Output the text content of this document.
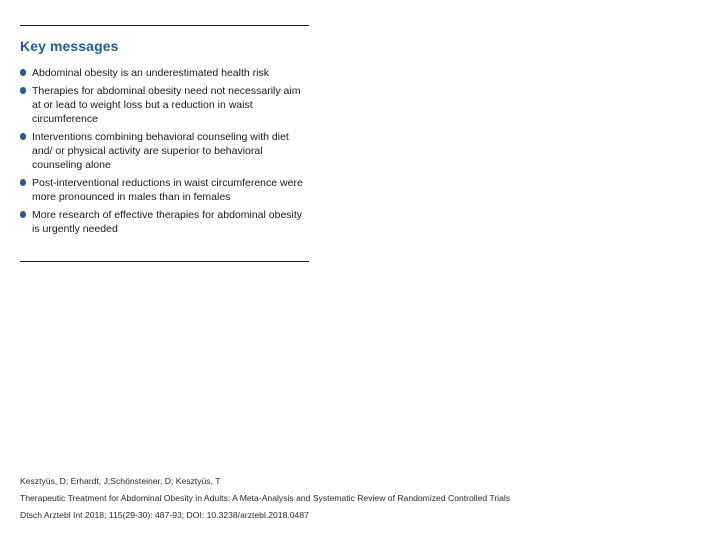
Key messages
Abdominal obesity is an underestimated health risk
Therapies for abdominal obesity need not necessarily aim at or lead to weight loss but a reduction in waist circumference
Interventions combining behavioral counseling with diet and/ or physical activity are superior to behavioral counseling alone
Post-interventional reductions in waist circumference were more pronounced in males than in females
More research of effective therapies for abdominal obesity is urgently needed
Kesztyüs, D; Erhardt, J;Schönsteiner, D; Kesztyüs, T
Therapeutic Treatment for Abdominal Obesity in Adults: A Meta-Analysis and Systematic Review of Randomized Controlled Trials
Dtsch Arztebl Int 2018; 115(29-30): 487-93; DOI: 10.3238/arztebl.2018.0487
